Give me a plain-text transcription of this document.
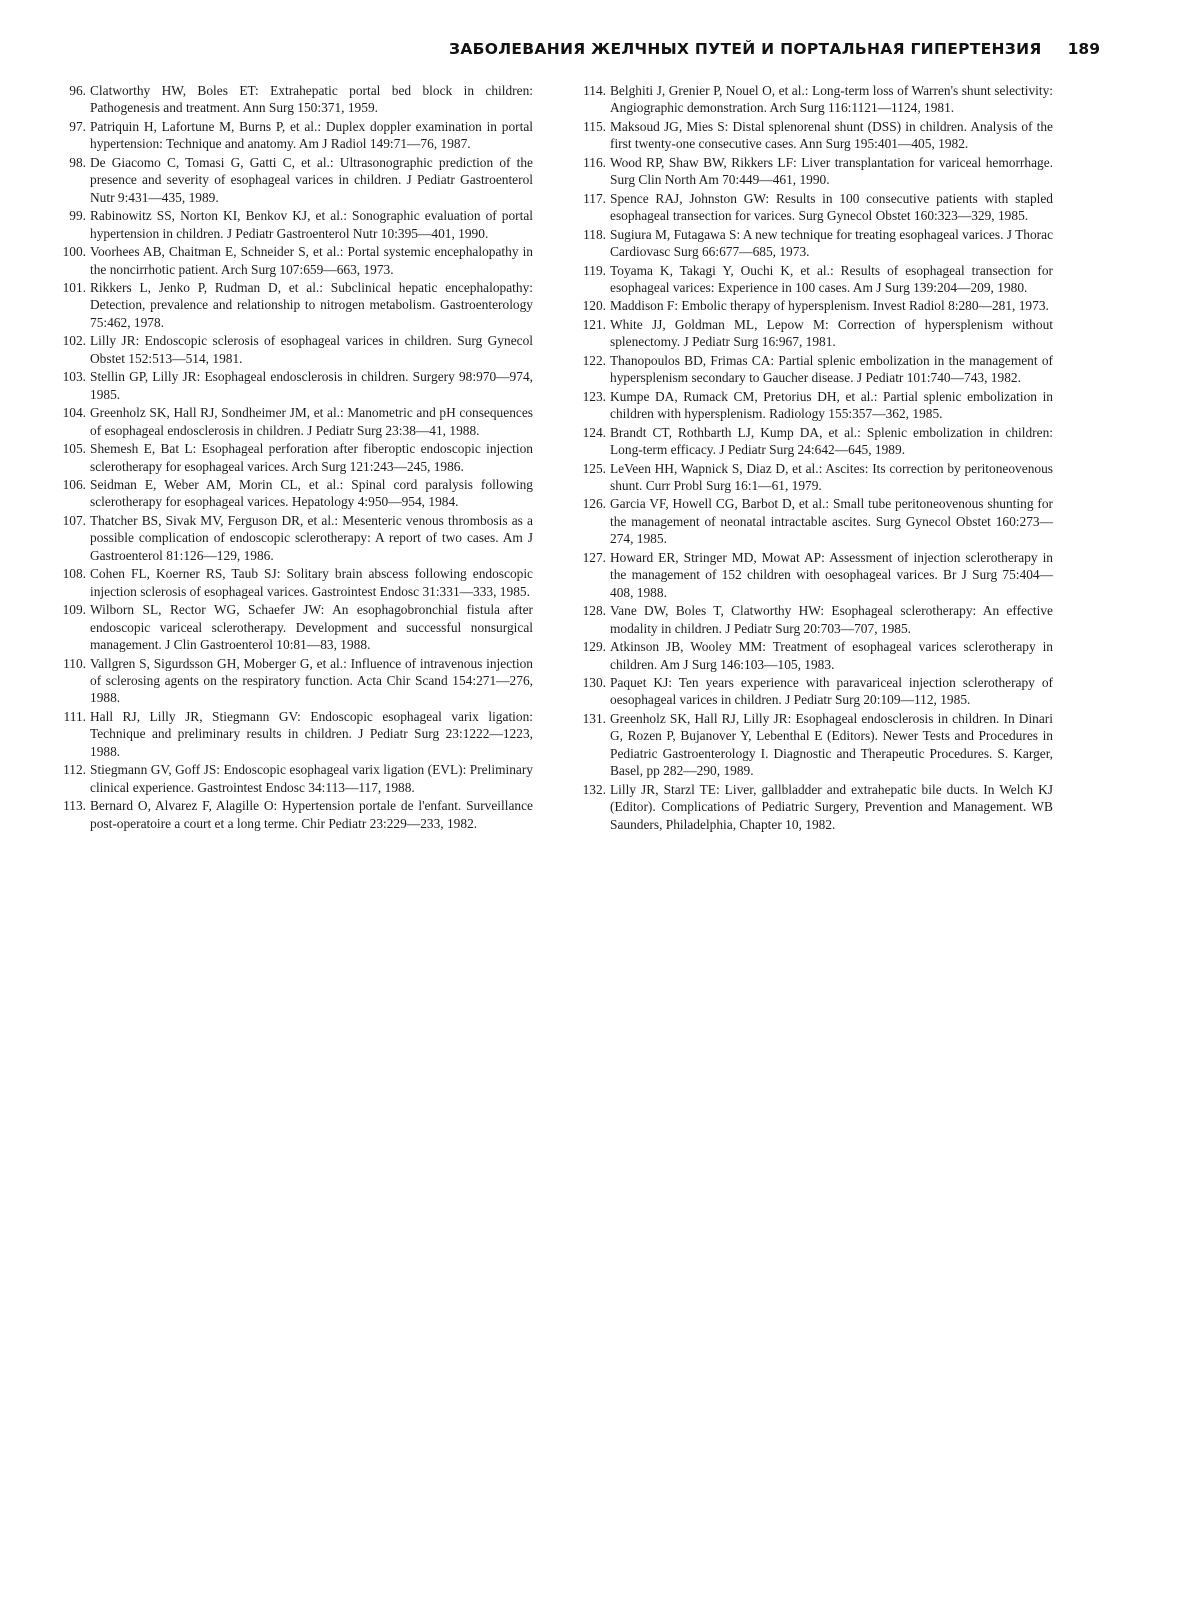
ЗАБОЛЕВАНИЯ ЖЕЛЧНЫХ ПУТЕЙ И ПОРТАЛЬНАЯ ГИПЕРТЕНЗИЯ 189

96. Clatworthy HW, Boles ET: Extrahepatic portal bed block in children: Pathogenesis and treatment. Ann Surg 150:371, 1959.

97. Patriquin H, Lafortune M, Burns P, et al.: Duplex doppler examination in portal hypertension: Technique and anatomy. Am J Radiol 149:71—76, 1987.

98. De Giacomo C, Tomasi G, Gatti C, et al.: Ultrasonographic prediction of the presence and severity of esophageal varices in children. J Pediatr Gastroenterol Nutr 9:431—435, 1989.

99. Rabinowitz SS, Norton KI, Benkov KJ, et al.: Sonographic evaluation of portal hypertension in children. J Pediatr Gastroenterol Nutr 10:395—401, 1990.

100. Voorhees AB, Chaitman E, Schneider S, et al.: Portal systemic encephalopathy in the noncirrhotic patient. Arch Surg 107:659—663, 1973.

101. Rikkers L, Jenko P, Rudman D, et al.: Subclinical hepatic encephalopathy: Detection, prevalence and relationship to nitrogen metabolism. Gastroenterology 75:462, 1978.

102. Lilly JR: Endoscopic sclerosis of esophageal varices in children. Surg Gynecol Obstet 152:513—514, 1981.

103. Stellin GP, Lilly JR: Esophageal endosclerosis in children. Surgery 98:970—974, 1985.

104. Greenholz SK, Hall RJ, Sondheimer JM, et al.: Manometric and pH consequences of esophageal endosclerosis in children. J Pediatr Surg 23:38—41, 1988.

105. Shemesh E, Bat L: Esophageal perforation after fiberoptic endoscopic injection sclerotherapy for esophageal varices. Arch Surg 121:243—245, 1986.

106. Seidman E, Weber AM, Morin CL, et al.: Spinal cord paralysis following sclerotherapy for esophageal varices. Hepatology 4:950—954, 1984.

107. Thatcher BS, Sivak MV, Ferguson DR, et al.: Mesenteric venous thrombosis as a possible complication of endoscopic sclerotherapy: A report of two cases. Am J Gastroenterol 81:126—129, 1986.

108. Cohen FL, Koerner RS, Taub SJ: Solitary brain abscess following endoscopic injection sclerosis of esophageal varices. Gastrointest Endosc 31:331—333, 1985.

109. Wilborn SL, Rector WG, Schaefer JW: An esophagobronchial fistula after endoscopic variceal sclerotherapy. Development and successful nonsurgical management. J Clin Gastroenterol 10:81—83, 1988.

110. Vallgren S, Sigurdsson GH, Moberger G, et al.: Influence of intravenous injection of sclerosing agents on the respiratory function. Acta Chir Scand 154:271—276, 1988.

111. Hall RJ, Lilly JR, Stiegmann GV: Endoscopic esophageal varix ligation: Technique and preliminary results in children. J Pediatr Surg 23:1222—1223, 1988.

112. Stiegmann GV, Goff JS: Endoscopic esophageal varix ligation (EVL): Preliminary clinical experience. Gastrointest Endosc 34:113—117, 1988.

113. Bernard O, Alvarez F, Alagille O: Hypertension portale de l'enfant. Surveillance post-operatoire a court et a long terme. Chir Pediatr 23:229—233, 1982.

114. Belghiti J, Grenier P, Nouel O, et al.: Long-term loss of Warren's shunt selectivity: Angiographic demonstration. Arch Surg 116:1121—1124, 1981.

115. Maksoud JG, Mies S: Distal splenorenal shunt (DSS) in children. Analysis of the first twenty-one consecutive cases. Ann Surg 195:401—405, 1982.

116. Wood RP, Shaw BW, Rikkers LF: Liver transplantation for variceal hemorrhage. Surg Clin North Am 70:449—461, 1990.

117. Spence RAJ, Johnston GW: Results in 100 consecutive patients with stapled esophageal transection for varices. Surg Gynecol Obstet 160:323—329, 1985.

118. Sugiura M, Futagawa S: A new technique for treating esophageal varices. J Thorac Cardiovasc Surg 66:677—685, 1973.

119. Toyama K, Takagi Y, Ouchi K, et al.: Results of esophageal transection for esophageal varices: Experience in 100 cases. Am J Surg 139:204—209, 1980.

120. Maddison F: Embolic therapy of hypersplenism. Invest Radiol 8:280—281, 1973.

121. White JJ, Goldman ML, Lepow M: Correction of hypersplenism without splenectomy. J Pediatr Surg 16:967, 1981.

122. Thanopoulos BD, Frimas CA: Partial splenic embolization in the management of hypersplenism secondary to Gaucher disease. J Pediatr 101:740—743, 1982.

123. Kumpe DA, Rumack CM, Pretorius DH, et al.: Partial splenic embolization in children with hypersplenism. Radiology 155:357—362, 1985.

124. Brandt CT, Rothbarth LJ, Kump DA, et al.: Splenic embolization in children: Long-term efficacy. J Pediatr Surg 24:642—645, 1989.

125. LeVeen HH, Wapnick S, Diaz D, et al.: Ascites: Its correction by peritoneovenous shunt. Curr Probl Surg 16:1—61, 1979.

126. Garcia VF, Howell CG, Barbot D, et al.: Small tube peritoneovenous shunting for the management of neonatal intractable ascites. Surg Gynecol Obstet 160:273—274, 1985.

127. Howard ER, Stringer MD, Mowat AP: Assessment of injection sclerotherapy in the management of 152 children with oesophageal varices. Br J Surg 75:404—408, 1988.

128. Vane DW, Boles T, Clatworthy HW: Esophageal sclerotherapy: An effective modality in children. J Pediatr Surg 20:703—707, 1985.

129. Atkinson JB, Wooley MM: Treatment of esophageal varices sclerotherapy in children. Am J Surg 146:103—105, 1983.

130. Paquet KJ: Ten years experience with paravariceal injection sclerotherapy of oesophageal varices in children. J Pediatr Surg 20:109—112, 1985.

131. Greenholz SK, Hall RJ, Lilly JR: Esophageal endosclerosis in children. In Dinari G, Rozen P, Bujanover Y, Lebenthal E (Editors). Newer Tests and Procedures in Pediatric Gastroenterology I. Diagnostic and Therapeutic Procedures. S. Karger, Basel, pp 282—290, 1989.

132. Lilly JR, Starzl TE: Liver, gallbladder and extrahepatic bile ducts. In Welch KJ (Editor). Complications of Pediatric Surgery, Prevention and Management. WB Saunders, Philadelphia, Chapter 10, 1982.
